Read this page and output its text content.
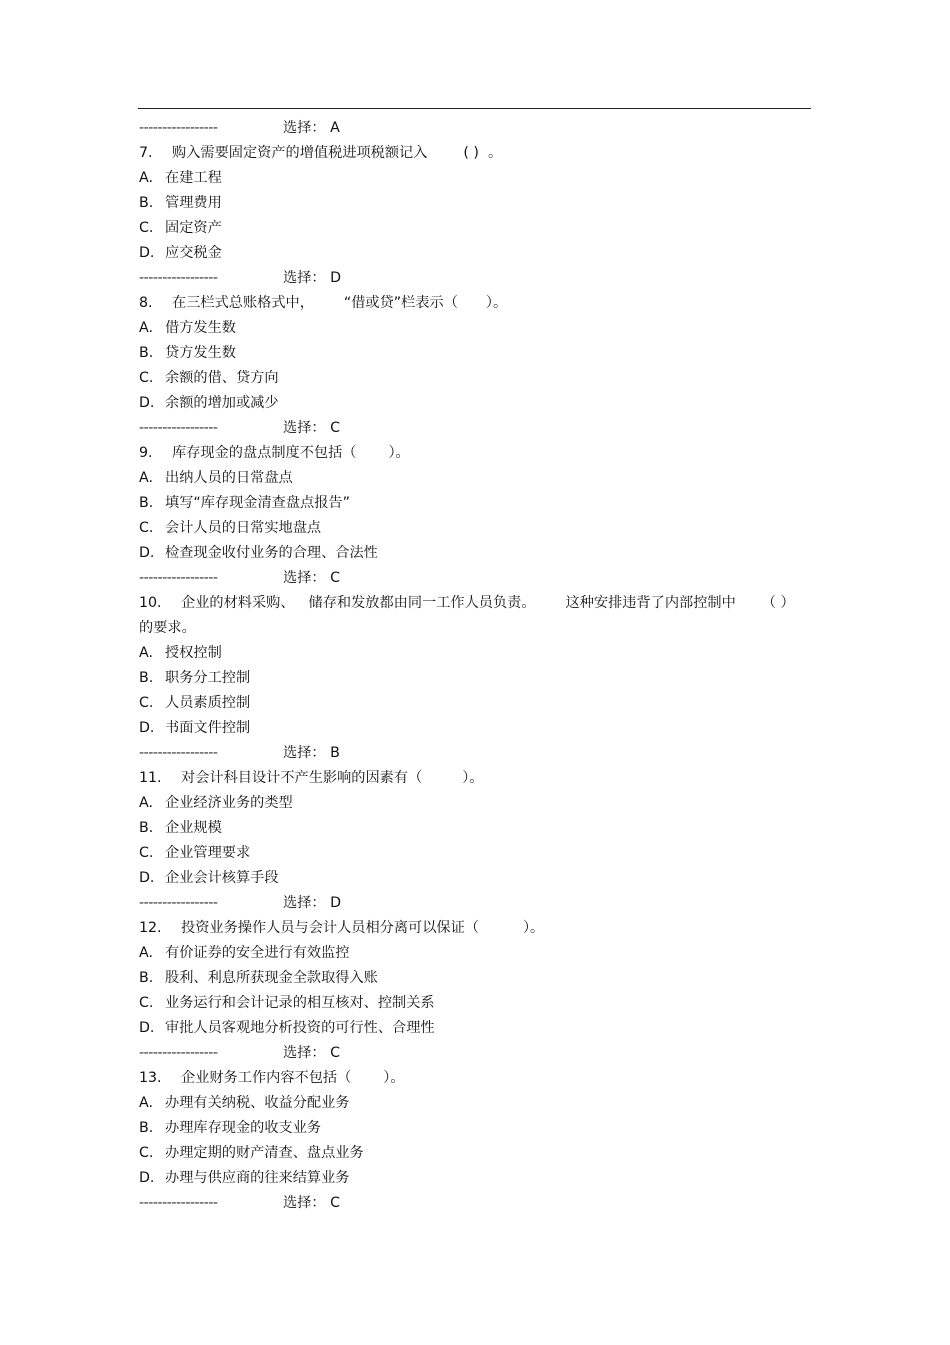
-----------------	选择： A
7. 购入需要固定资产的增值税进项税额记入	( ) 。
A. 在建工程
B. 管理费用
C. 固定资产
D. 应交税金
-----------------	选择： D
8. 在三栏式总账格式中， “借或贷”栏表示（ ）。
A. 借方发生数
B. 贷方发生数
C. 余额的借、贷方向
D. 余额的增加或减少
-----------------	选择： C
9. 库存现金的盘点制度不包括（ ）。
A. 出纳人员的日常盘点
B. 填写“库存现金清查盘点报告”
C. 会计人员的日常实地盘点
D. 检查现金收付业务的合理、合法性
-----------------	选择： C
10. 企业的材料采购、 储存和发放都由同一工作人员负责。 这种安排违背了内部控制中 （ ）
的要求。
A. 授权控制
B. 职务分工控制
C. 人员素质控制
D. 书面文件控制
-----------------	选择： B
11. 对会计科目设计不产生影响的因素有（	）。
A. 企业经济业务的类型
B. 企业规模
C. 企业管理要求
D. 企业会计核算手段
-----------------	选择： D
12. 投资业务操作人员与会计人员相分离可以保证（	）。
A. 有价证券的安全进行有效监控
B. 股利、利息所获现金全款取得入账
C. 业务运行和会计记录的相互核对、控制关系
D. 审批人员客观地分析投资的可行性、合理性
-----------------	选择： C
13. 企业财务工作内容不包括（ ）。
A. 办理有关纳税、收益分配业务
B. 办理库存现金的收支业务
C. 办理定期的财产清查、盘点业务
D. 办理与供应商的往来结算业务
-----------------	选择： C
